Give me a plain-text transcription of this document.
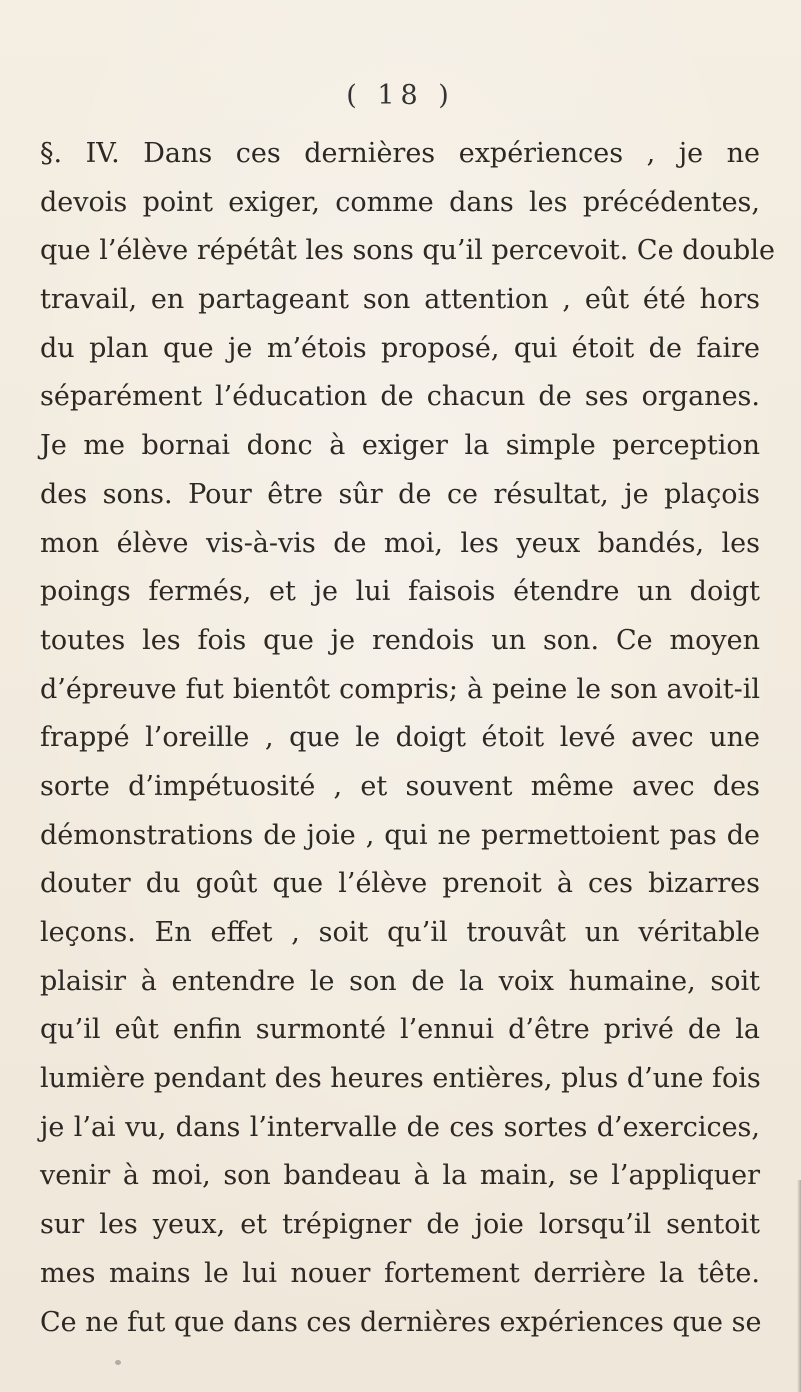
( 18 )
§. IV. Dans ces dernières expériences , je ne
devois point exiger, comme dans les précédentes,
que l’élève répétât les sons qu’il percevoit. Ce double
travail, en partageant son attention , eût été hors
du plan que je m’étois proposé, qui étoit de faire
séparément l’éducation de chacun de ses organes.
Je me bornai donc à exiger la simple perception
des sons. Pour être sûr de ce résultat, je plaçois
mon élève vis-à-vis de moi, les yeux bandés, les
poings fermés, et je lui faisois étendre un doigt
toutes les fois que je rendois un son. Ce moyen
d’épreuve fut bientôt compris; à peine le son avoit-il
frappé l’oreille , que le doigt étoit levé avec une
sorte d’impétuosité , et souvent même avec des
démonstrations de joie , qui ne permettoient pas de
douter du goût que l’élève prenoit à ces bizarres
leçons. En effet , soit qu’il trouvât un véritable
plaisir à entendre le son de la voix humaine, soit
qu’il eût enfin surmonté l’ennui d’être privé de la
lumière pendant des heures entières, plus d’une fois
je l’ai vu, dans l’intervalle de ces sortes d’exercices,
venir à moi, son bandeau à la main, se l’appliquer
sur les yeux, et trépigner de joie lorsqu’il sentoit
mes mains le lui nouer fortement derrière la tête.
Ce ne fut que dans ces dernières expériences que se
